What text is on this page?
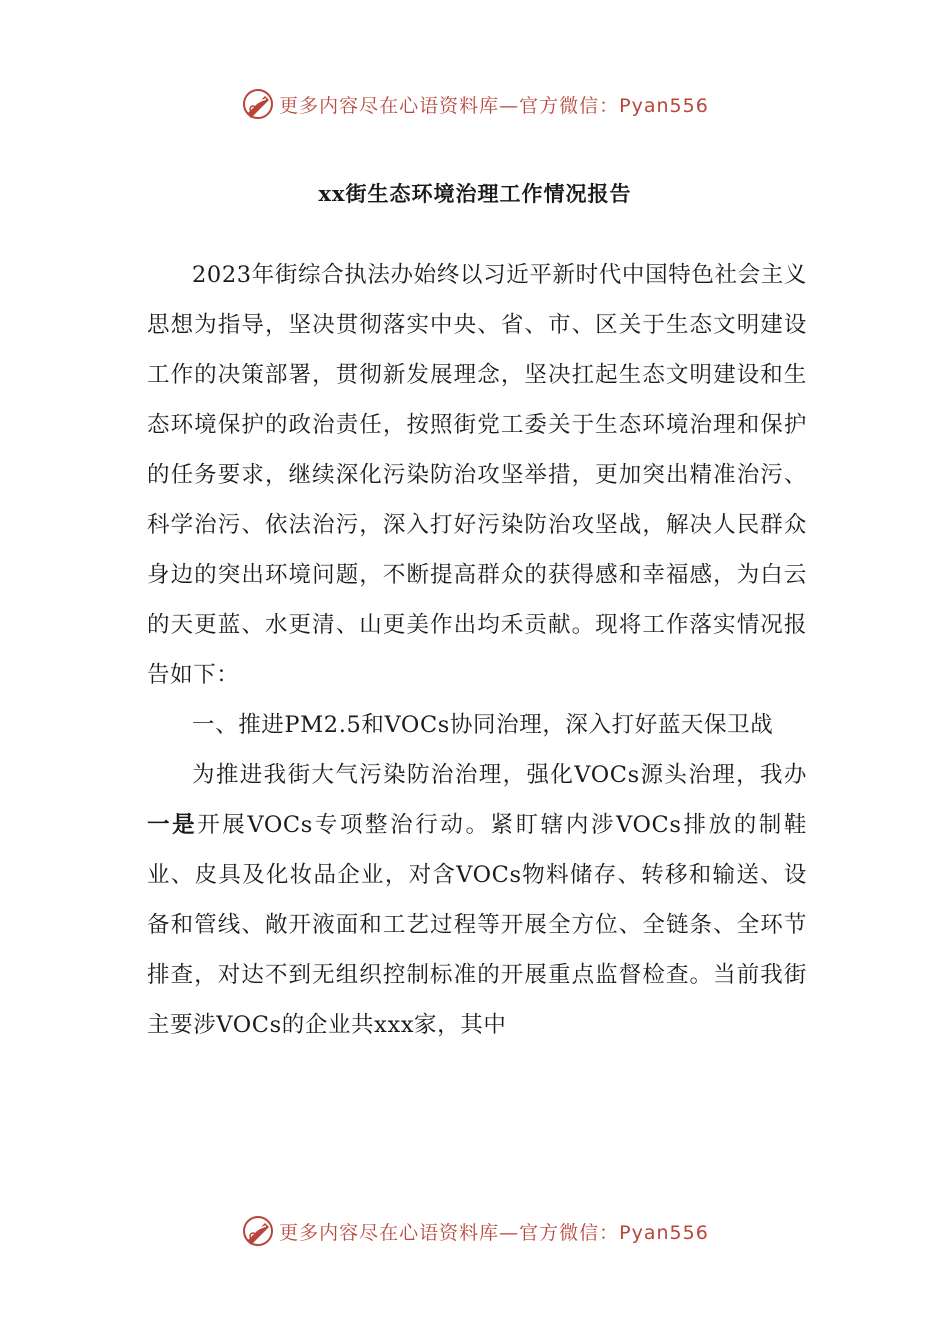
更多内容尽在心语资料库—官方微信：Pyan556
xx街生态环境治理工作情况报告

2023年街综合执法办始终以习近平新时代中国特色社会主义思想为指导，坚决贯彻落实中央、省、市、区关于生态文明建设工作的决策部署，贯彻新发展理念，坚决扛起生态文明建设和生态环境保护的政治责任，按照街党工委关于生态环境治理和保护的任务要求，继续深化污染防治攻坚举措，更加突出精准治污、科学治污、依法治污，深入打好污染防治攻坚战，解决人民群众身边的突出环境问题，不断提高群众的获得感和幸福感，为白云的天更蓝、水更清、山更美作出均禾贡献。现将工作落实情况报告如下：

一、推进PM2.5和VOCs协同治理，深入打好蓝天保卫战

为推进我街大气污染防治治理，强化VOCs源头治理，我办一是开展VOCs专项整治行动。紧盯辖内涉VOCs排放的制鞋业、皮具及化妆品企业，对含VOCs物料储存、转移和输送、设备和管线、敞开液面和工艺过程等开展全方位、全链条、全环节排查，对达不到无组织控制标准的开展重点监督检查。当前我街主要涉VOCs的企业共xxx家，其中

更多内容尽在心语资料库—官方微信：Pyan556
